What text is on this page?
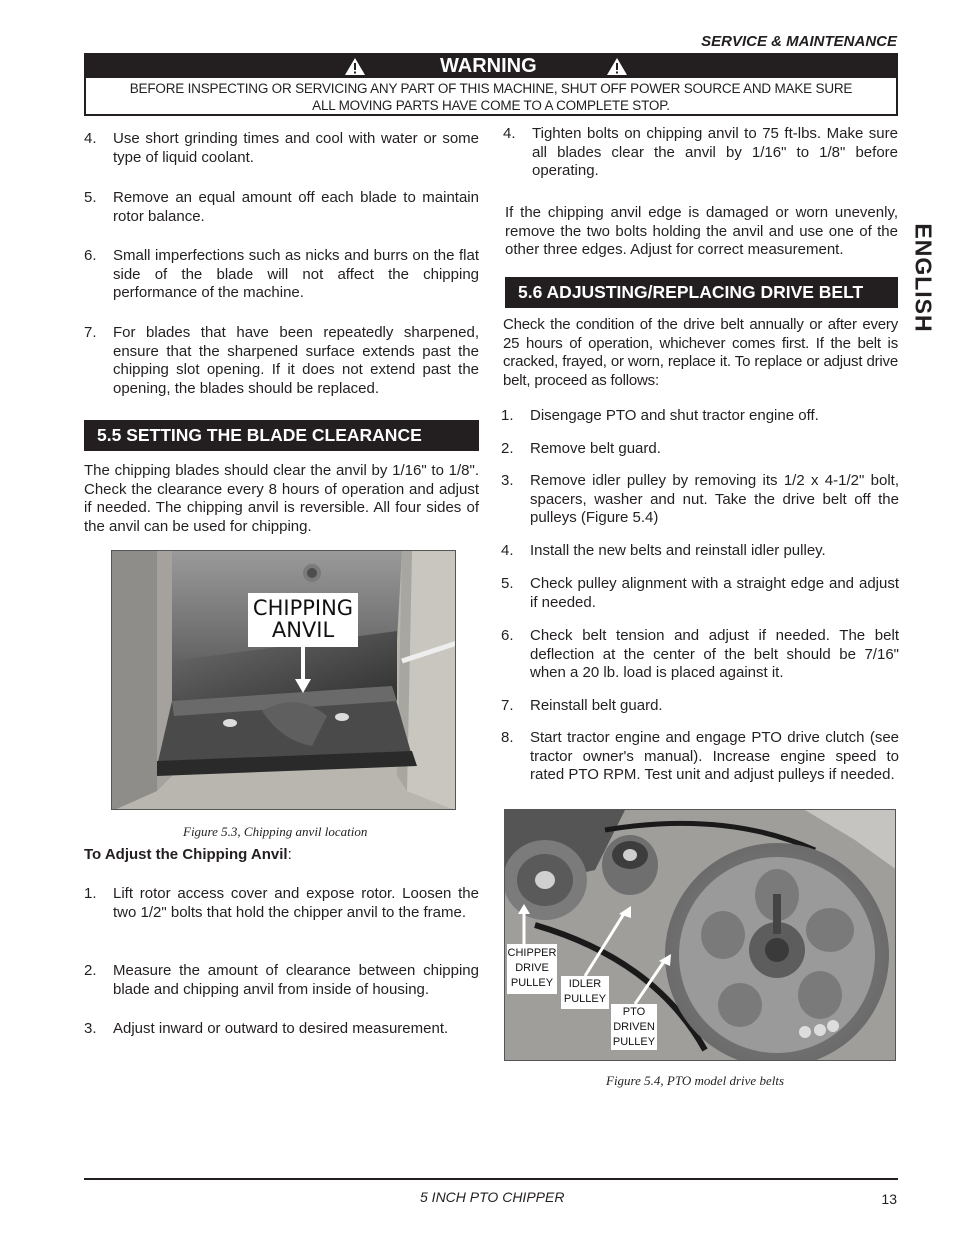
SERVICE & MAINTENANCE
WARNING
BEFORE INSPECTING OR SERVICING ANY PART OF THIS MACHINE, SHUT OFF POWER SOURCE AND MAKE SURE
ALL MOVING PARTS HAVE COME TO A COMPLETE STOP.
4. Use short grinding times and cool with water or some type of liquid coolant.
5. Remove an equal amount off each blade to maintain rotor balance.
6. Small imperfections such as nicks and burrs on the flat side of the blade will not affect the chipping performance of the machine.
7. For blades that have been repeatedly sharpened, ensure that the sharpened surface extends past the chipping slot opening. If it does not extend past the opening, the blades should be replaced.
5.5 SETTING THE BLADE CLEARANCE
The chipping blades should clear the anvil by 1/16" to 1/8". Check the clearance every 8 hours of operation and adjust if needed. The chipping anvil is reversible. All four sides of the anvil can be used for chipping.
CHIPPING
ANVIL
Figure 5.3, Chipping anvil location
To Adjust the Chipping Anvil:
1. Lift rotor access cover and expose rotor. Loosen the two 1/2" bolts that hold the chipper anvil to the frame.
2. Measure the amount of clearance between chipping blade and chipping anvil from inside of housing.
3. Adjust inward or outward to desired measurement.
4. Tighten bolts on chipping anvil to 75 ft-lbs. Make sure all blades clear the anvil by 1/16" to 1/8" before operating.
If the chipping anvil edge is damaged or worn unevenly, remove the two bolts holding the anvil and use one of the other three edges. Adjust for correct measurement.
5.6 ADJUSTING/REPLACING DRIVE BELT
Check the condition of the drive belt annually or after every 25 hours of operation, whichever comes first. If the belt is cracked, frayed, or worn, replace it. To replace or adjust drive belt, proceed as follows:
1. Disengage PTO and shut tractor engine off.
2. Remove belt guard.
3. Remove idler pulley by removing its 1/2 x 4-1/2" bolt, spacers, washer and nut. Take the drive belt off the pulleys (Figure 5.4)
4. Install the new belts and reinstall idler pulley.
5. Check pulley alignment with a straight edge and adjust if needed.
6. Check belt tension and adjust if needed. The belt deflection at the center of the belt should be 7/16" when a 20 lb. load is placed against it.
7. Reinstall belt guard.
8. Start tractor engine and engage PTO drive clutch (see tractor owner's manual). Increase engine speed to rated PTO RPM. Test unit and adjust pulleys if needed.
CHIPPER
DRIVE
PULLEY	IDLER
PULLEY
PTO
DRIVEN
PULLEY
Figure 5.4, PTO model drive belts
ENGLISH
5 INCH PTO CHIPPER	13
